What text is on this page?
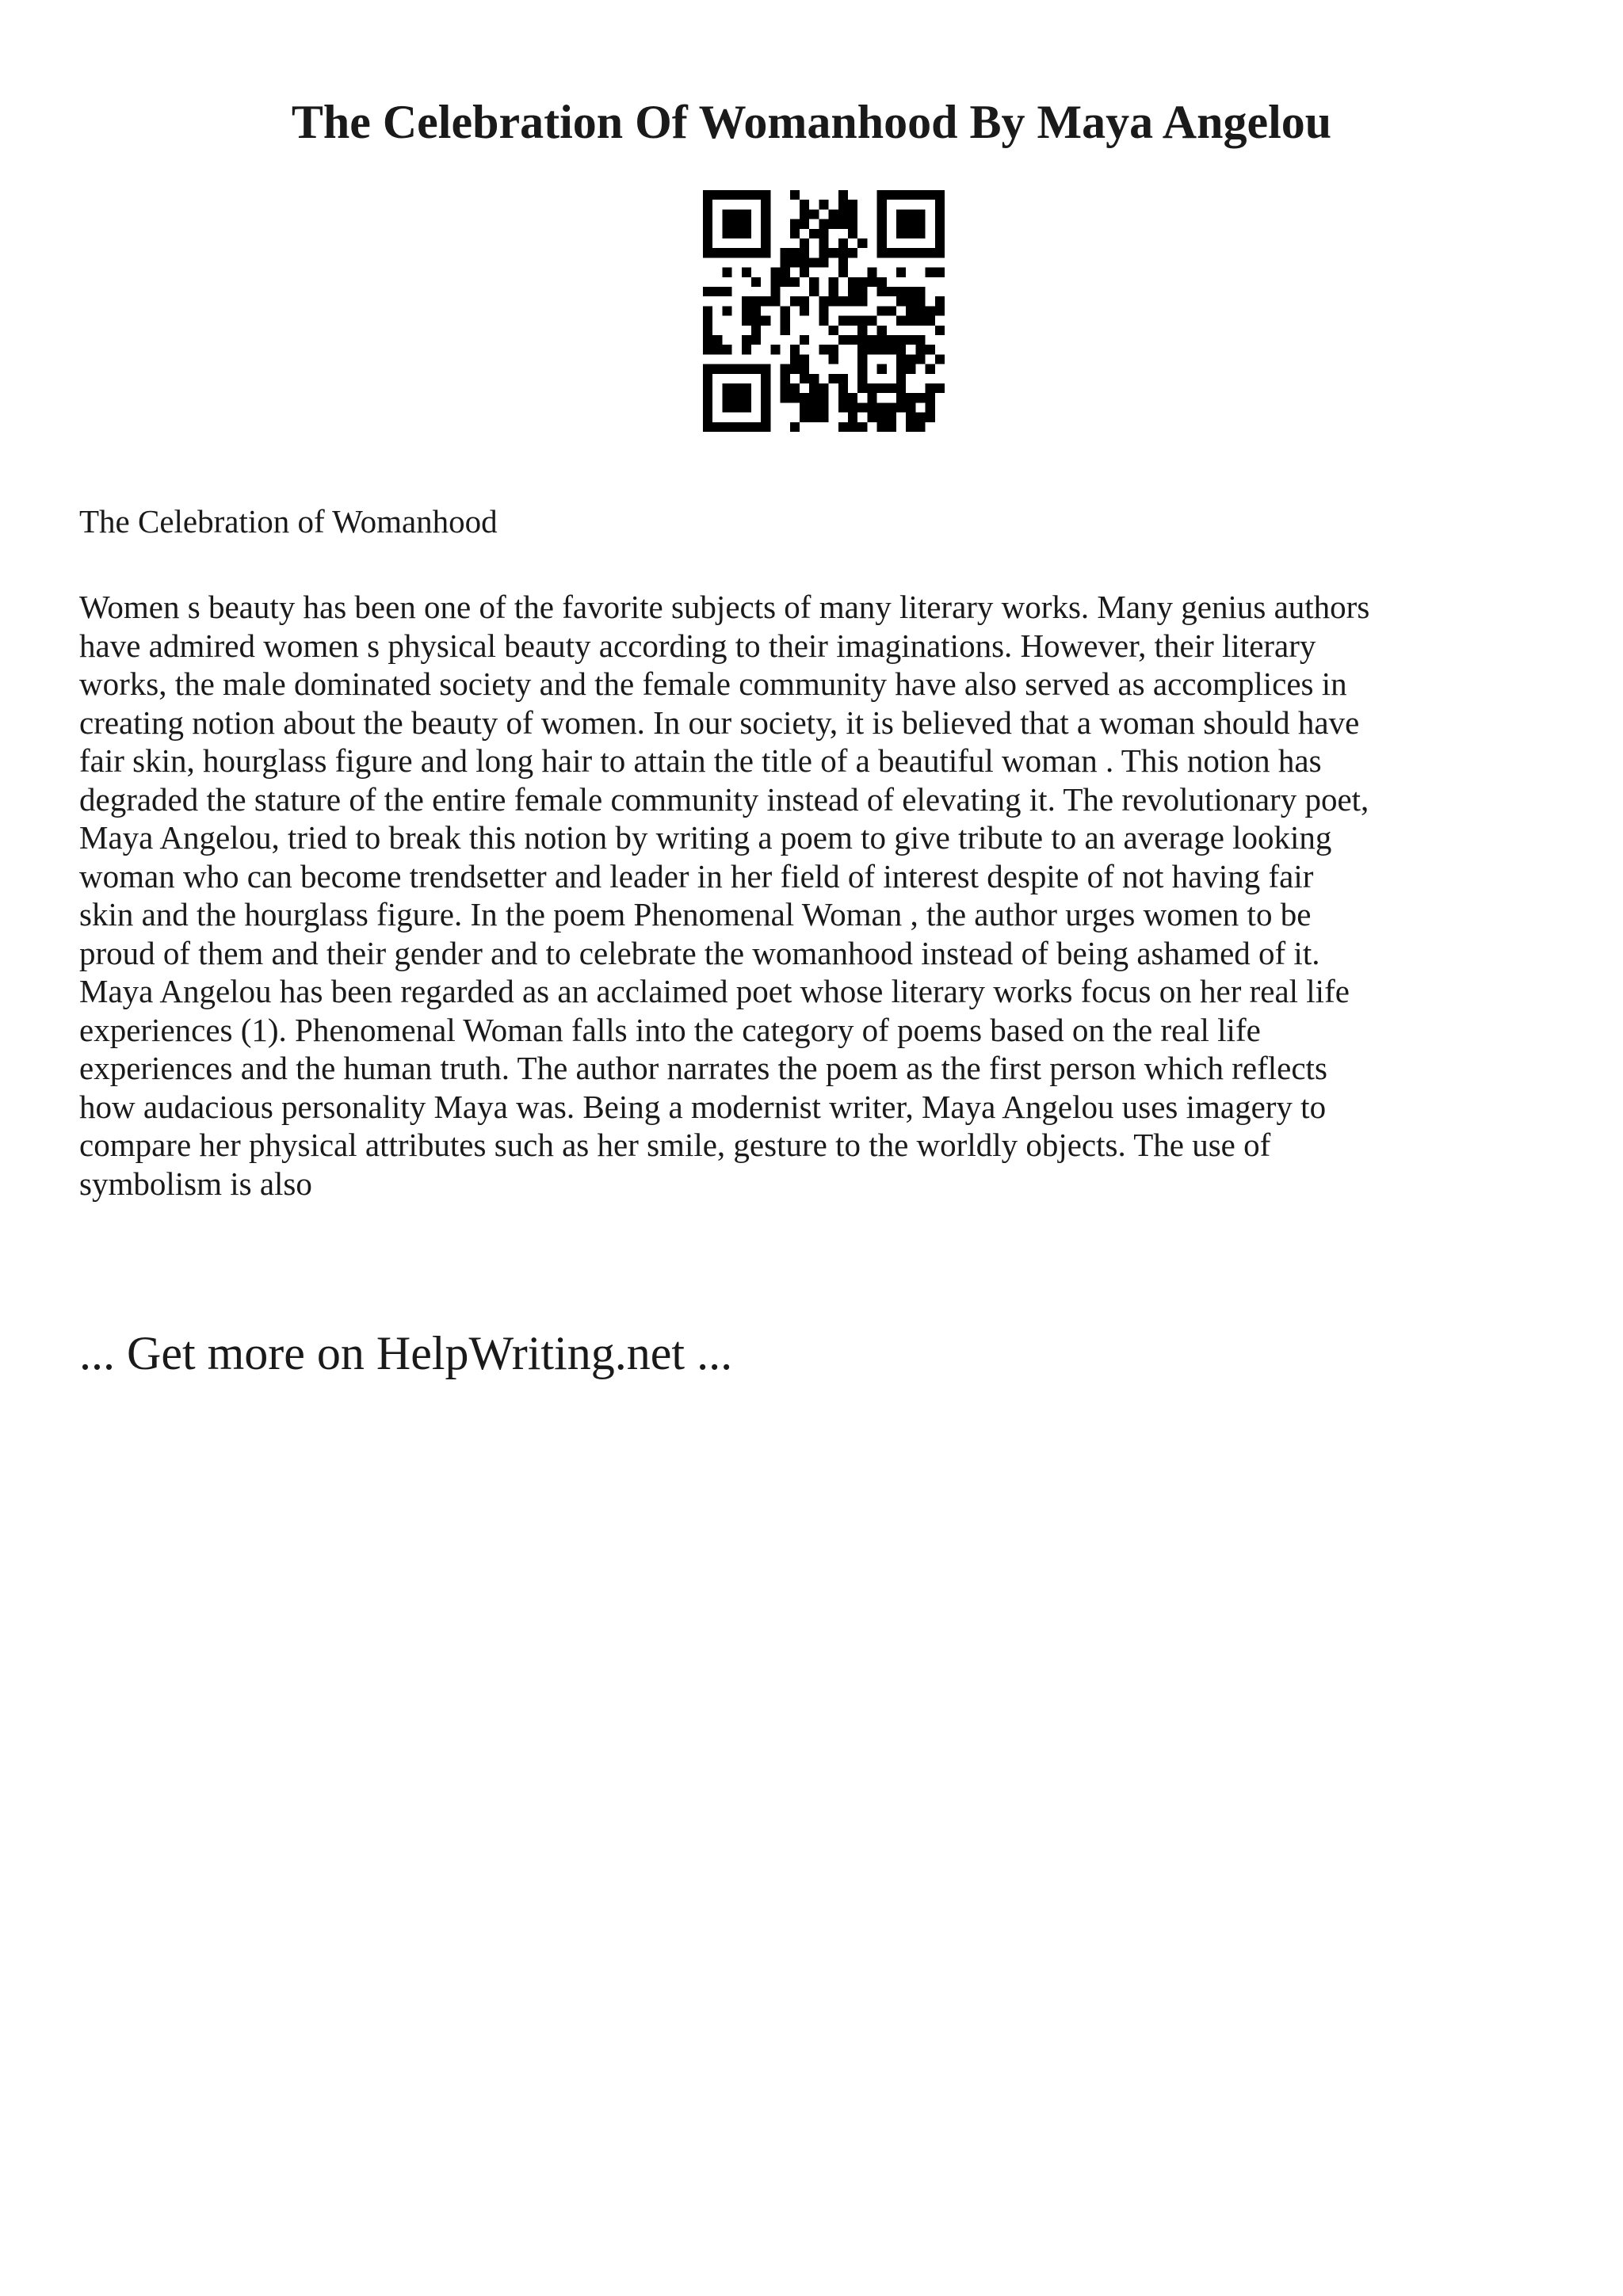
The Celebration Of Womanhood By Maya Angelou

The Celebration of Womanhood

Women s beauty has been one of the favorite subjects of many literary works. Many genius authors
have admired women s physical beauty according to their imaginations. However, their literary
works, the male dominated society and the female community have also served as accomplices in
creating notion about the beauty of women. In our society, it is believed that a woman should have
fair skin, hourglass figure and long hair to attain the title of a beautiful woman . This notion has
degraded the stature of the entire female community instead of elevating it. The revolutionary poet,
Maya Angelou, tried to break this notion by writing a poem to give tribute to an average looking
woman who can become trendsetter and leader in her field of interest despite of not having fair
skin and the hourglass figure. In the poem Phenomenal Woman , the author urges women to be
proud of them and their gender and to celebrate the womanhood instead of being ashamed of it.
Maya Angelou has been regarded as an acclaimed poet whose literary works focus on her real life
experiences (1). Phenomenal Woman falls into the category of poems based on the real life
experiences and the human truth. The author narrates the poem as the first person which reflects
how audacious personality Maya was. Being a modernist writer, Maya Angelou uses imagery to
compare her physical attributes such as her smile, gesture to the worldly objects. The use of
symbolism is also

... Get more on HelpWriting.net ...
